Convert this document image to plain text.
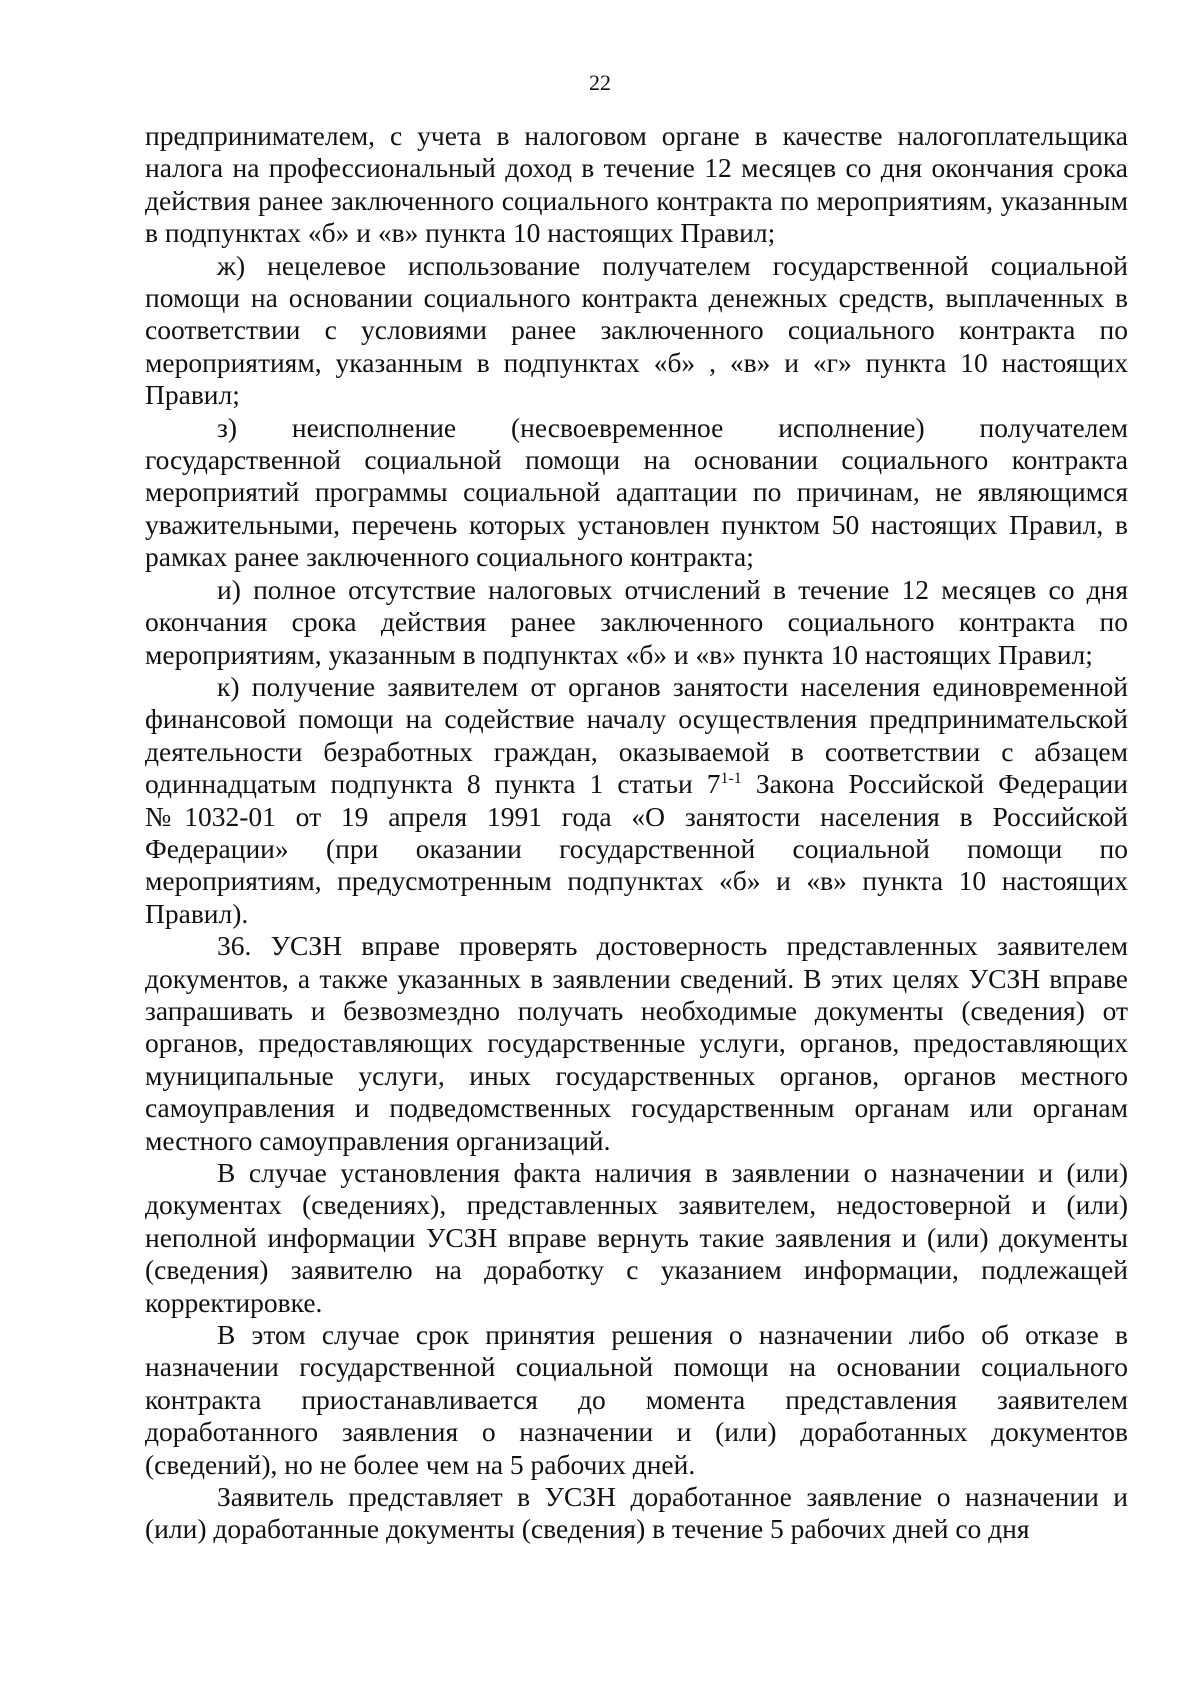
22

предпринимателем, с учета в налоговом органе в качестве налогоплательщика налога на профессиональный доход в течение 12 месяцев со дня окончания срока действия ранее заключенного социального контракта по мероприятиям, указанным в подпунктах «б» и «в» пункта 10 настоящих Правил;

ж) нецелевое использование получателем государственной социальной помощи на основании социального контракта денежных средств, выплаченных в соответствии с условиями ранее заключенного социального контракта по мероприятиям, указанным в подпунктах «б» , «в» и «г» пункта 10 настоящих Правил;

з) неисполнение (несвоевременное исполнение) получателем государственной социальной помощи на основании социального контракта мероприятий программы социальной адаптации по причинам, не являющимся уважительными, перечень которых установлен пунктом 50 настоящих Правил, в рамках ранее заключенного социального контракта;

и) полное отсутствие налоговых отчислений в течение 12 месяцев со дня окончания срока действия ранее заключенного социального контракта по мероприятиям, указанным в подпунктах «б» и «в» пункта 10 настоящих Правил;

к) получение заявителем от органов занятости населения единовременной финансовой помощи на содействие началу осуществления предпринимательской деятельности безработных граждан, оказываемой в соответствии с абзацем одиннадцатым подпункта 8 пункта 1 статьи 7$^{1-1}$ Закона Российской Федерации №1032-01 от 19 апреля 1991 года «О занятости населения в Российской Федерации» (при оказании государственной социальной помощи по мероприятиям, предусмотренным подпунктах «б» и «в» пункта 10 настоящих Правил).

36. УСЗН вправе проверять достоверность представленных заявителем документов, а также указанных в заявлении сведений. В этих целях УСЗН вправе запрашивать и безвозмездно получать необходимые документы (сведения) от органов, предоставляющих государственные услуги, органов, предоставляющих муниципальные услуги, иных государственных органов, органов местного самоуправления и подведомственных государственным органам или органам местного самоуправления организаций.

В случае установления факта наличия в заявлении о назначении и (или) документах (сведениях), представленных заявителем, недостоверной и (или) неполной информации УСЗН вправе вернуть такие заявления и (или) документы (сведения) заявителю на доработку с указанием информации, подлежащей корректировке.

В этом случае срок принятия решения о назначении либо об отказе в назначении государственной социальной помощи на основании социального контракта приостанавливается до момента представления заявителем доработанного заявления о назначении и (или) доработанных документов (сведений), но не более чем на 5 рабочих дней.

Заявитель представляет в УСЗН доработанное заявление о назначении и (или) доработанные документы (сведения) в течение 5 рабочих дней со дня
